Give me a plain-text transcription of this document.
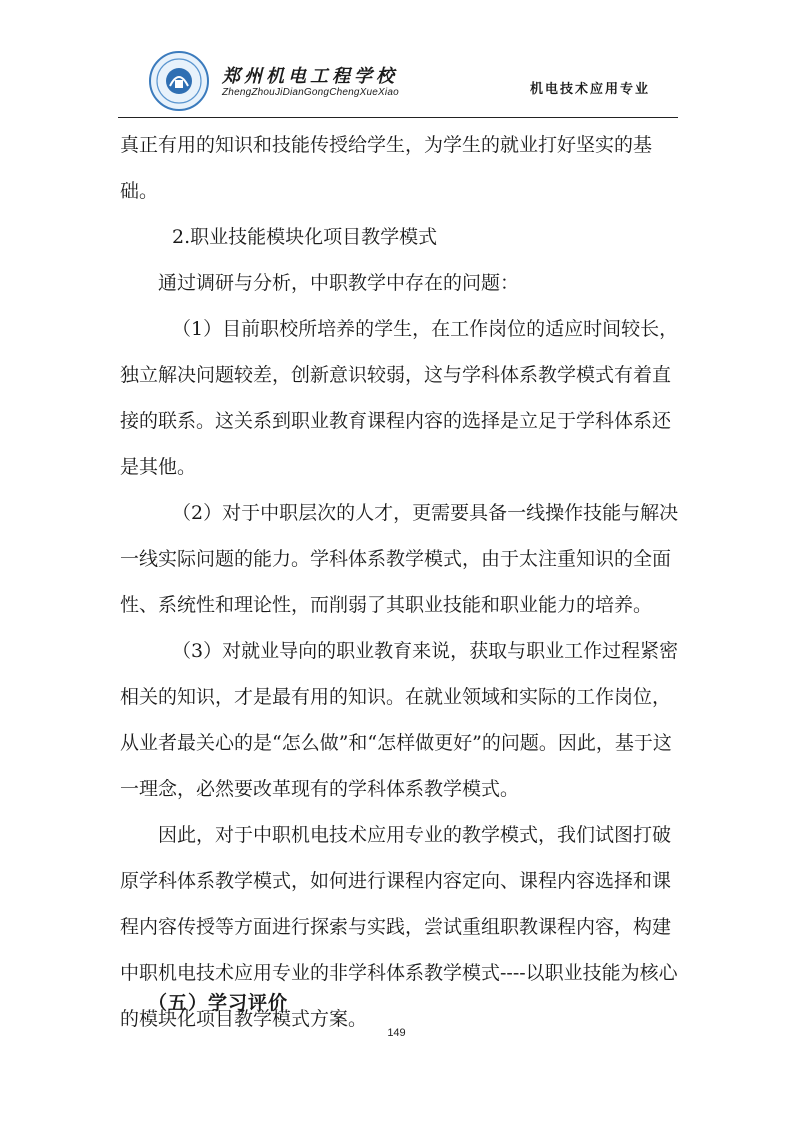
郑州机电工程学校
ZhengZhouJiDianGongChengXueXiao	机电技术应用专业

真正有用的知识和技能传授给学生，为学生的就业打好坚实的基

础。

2.职业技能模块化项目教学模式

通过调研与分析，中职教学中存在的问题：

（1）目前职校所培养的学生，在工作岗位的适应时间较长，独立解决问题较差，创新意识较弱，这与学科体系教学模式有着直接的联系。这关系到职业教育课程内容的选择是立足于学科体系还是其他。

（2）对于中职层次的人才，更需要具备一线操作技能与解决一线实际问题的能力。学科体系教学模式，由于太注重知识的全面性、系统性和理论性，而削弱了其职业技能和职业能力的培养。

（3）对就业导向的职业教育来说，获取与职业工作过程紧密相关的知识，才是最有用的知识。在就业领域和实际的工作岗位，从业者最关心的是“怎么做”和“怎样做更好”的问题。因此，基于这一理念，必然要改革现有的学科体系教学模式。

因此，对于中职机电技术应用专业的教学模式，我们试图打破原学科体系教学模式，如何进行课程内容定向、课程内容选择和课程内容传授等方面进行探索与实践，尝试重组职教课程内容，构建中职机电技术应用专业的非学科体系教学模式----以职业技能为核心的模块化项目教学模式方案。

（五）学习评价
149
